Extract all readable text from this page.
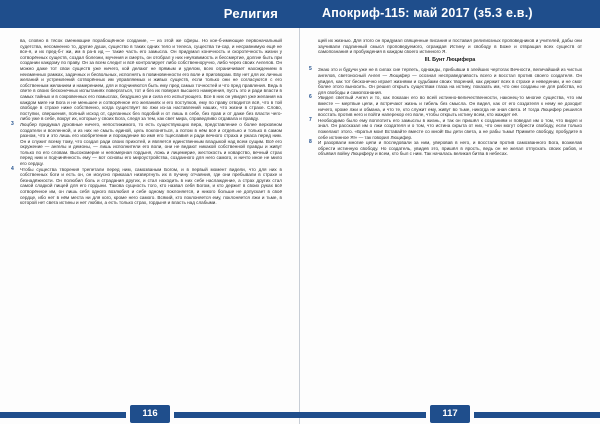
Религия
ва, словно в тясок смениющие порабощённое создание, — из этой же сферы. Но кое-б-имеющие первоначальный судетства, несомненно то, другие души, существо в таких одних тело и телеса, существа ти-сар, и несравнимую ещё не все-я, и их пред-б-г жи, им в ра-в ид — такие часть его замысла. Он придумал конечность и скоротечность жизни у сотворённых существ, создал болезни, мучения и смерть, он отобрал у них неуязвимость и бессмертие, долгие быть при создании каждому по праву. Он за всем следит и всё контролирует либо собственноручно, либо через своих Ангелов. Он можно даже тот свои существ уже ничего, кой делают не прямым и уделом, всех ограничивает нахождением в неизменных рамках, задачных и бесвольных, исполнять в повиновенности его воле и приговорам. Еву нет для их личных желаний и устремлений сотворённых им управляемых и живых существ, если только они не согласуются с его собственным желанием и намерением, для и подчиняются быть ему пред самых точностей и что пред правления. Ведь в свете в своих бесконечных испытаниях повергаться, тот и без их поверил высшего намерения, пусть это и ради власти в самых тайных и в сокровенных его помыслах, бездушно ум и сила его испытующего. Все в них он увидел уже желания на каждом миге ни Бога и не меньшее и сотворённое его желаниях и его поступков, ему по праву отводится всё, что в той свободе в страхе ниже собственно, когда существует во лжи из-за наставлений наших, что жизни в страхе. Слово, поступки, свершения, полный исход от, сделанных без подобий и от лишь в себе, без прав и от даже без власти чего-либо уже в себе, вокруг их, которые у своих Бога, следя за тем, как свет мира, справедливо отдавала и правду.
3 Люцбер придумал духовные ничего, непостижимого, то есть существующих вера, представление о более верховном создатели и вселенной, и из них не смыть единой, цель поклоняться, а потом в нём всё и отдельно и только в самом разном, что и это лишь его изобретение и порождение во имя его тщеславия и ради вечного страха и ужаса перед ним. Он и служит всему тому, что создал ради своих прихотей, и является единственным владыкой над всем сущим. Всё его окружение — ангелы и демоны, — лишь исполнители его воли, они не ведают никакой собственной правды и живут только по его словам. Высокомерие и непомерная гордыня, ложь и лицемерие, жестокость и коварство, вечный страх перед ним и подчинённость ему — вот основы его мироустройства, созданного для него самого, и ничто иное не мило его сердцу.
4 Чтобы существа творения трепетали перед ним, самозваным Богом, и в первый момент видели, что для них в собственных боги и есть он, он искусно приказал низвергнуть их в пучину отчаяния, где они пребывали в страхе и безнадёжности. Он полюбил боль и страдания других, и стал находить в них себе наслаждение, а страх других стал самой сладкой пищей для его гордыни. Такова сущность того, кто назвал себя Богом, и кто держит в своих руках всё сотворённое им, он лишь себя одного возлюбил и себе одному поклоняется, и никого больше не допускает в своё сердце, ибо нет в нём места ни для кого, кроме него самого. Всякий, кто поклоняется ему, поклоняется лжи и тьме, в которой нет света истины и нет любви, а есть только страх, гордыня и власть над слабыми.
116
Апокриф-115: май 2017 (з5.3 е.в.)
щей их жизнью. Для этого он придумал священные писания и поставил религиозных проповедников и учителей, дабы они заучивали подлинный смысл проповедуемого, ограждая Истину и свободу в Боже и отвращая всех существ от самопознания и пробуждения в каждом своего истинного Я.
III. Бунт Люцифера
5 Знаю это и будучи уже не в силах сие терпеть, однажды, прибывши в злейших чертогах Вечности, величайший из чистых ангелов, светоносный Ангел — Люцифер — осознал несправедливость всего и восстал против своего создателя. Он увидел, как тот бесконечно играет жизнями и судьбами своих творений, как держит всех в страхе и неведении, и не смог более этого выносить. Он решил открыть существам глаза на истину, показать им, что они созданы не для рабства, но для свободы и самопознания.
6 Увидел светлый Ангел и то, как показан его во всей истинно-величественности, наконец-то многие существа, что им вместе — мертвые цепи, и встречают жизнь и гибель без смысла. Он видел, как от его создателя к нему не доходит ничего, кроме лжи и обмана, и что те, кто служит ему, живут во тьме, никогда не зная света. И тогда Люцифер решился восстать против него и пойти наперекор его воле, чтобы открыть истину всем, кто жаждет её.
7 Необходимо было ему воплотить его замыслы в жизнь, и так он пришёл к созданиям и поведал им о том, что видел и знал. Он рассказал им о лжи создателя и о том, что истина скрыта от них, что они могут обрести свободу, если только пожелают этого. «Братья мои! Вставайте вместе со мной! Вы дети света, а не рабы тьмы! Примите свободу, пробудите в себе истинное Я!» — так говорил Люцифер.
8 И разорвали многие цепи и последовали за ним, уверовав в него, и восстали против самозванного Бога, возжелав обрести истинную свободу. Но создатель, увидев это, пришёл в ярость, ведь он не желал отпускать своих рабов, и объявил войну Люциферу и всем, кто был с ним. Так началась великая битва в небесах.
117
